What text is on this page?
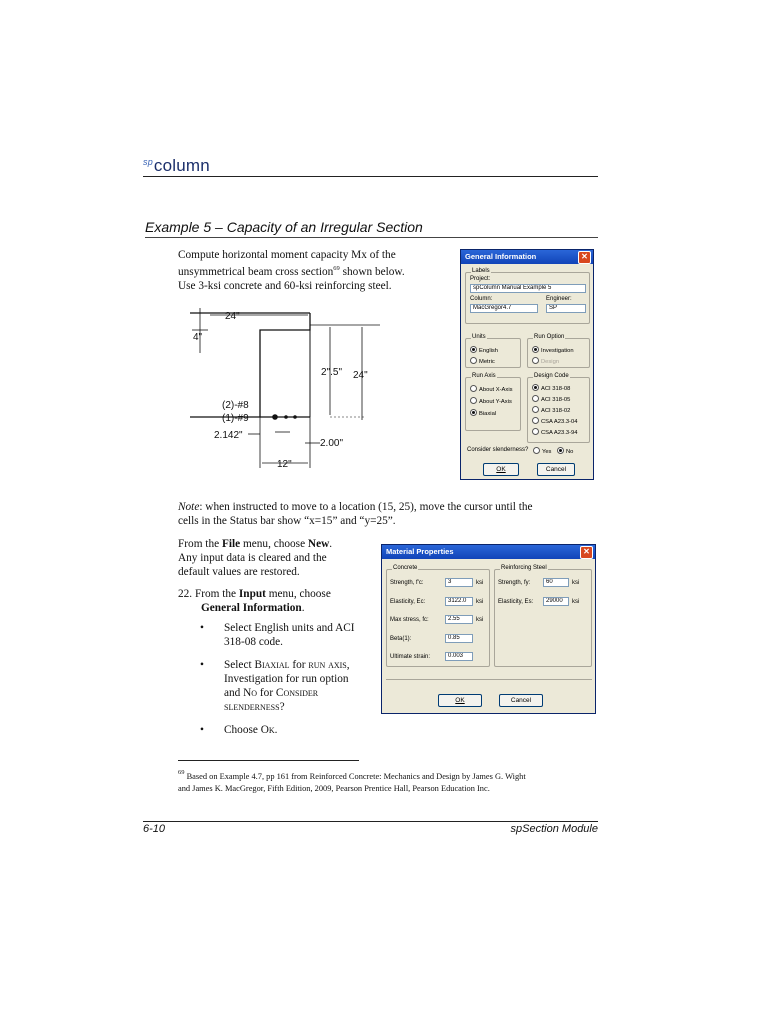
$^{sp}$column
Example 5 – Capacity of an Irregular Section
Compute horizontal moment capacity Mx of the
unsymmetrical beam cross section$^{69}$ shown below.
Use 3-ksi concrete and 60-ksi reinforcing steel.
24"
4"
2".5" 24"
(2)-#8
(1)-#9
2.142"
2.00"
12"
General Information	✕
Labels
Project:
spColumn Manual Example 5
Column:	Engineer:
MacGregor4.7	SP
Units
English
Metric
Run Option
Investigation
Design
Run Axis
About X-Axis
About Y-Axis
Biaxial
Design Code
ACI 318-08
ACI 318-05
ACI 318-02
CSA A23.3-04
CSA A23.3-94
Consider slenderness?	Yes	No
OK	Cancel
Note: when instructed to move to a location (15, 25), move the cursor until the
cells in the Status bar show “x=15” and “y=25”.
From the File menu, choose New.
Any input data is cleared and the
default values are restored.
22. From the Input menu, choose
General Information.
• Select English units and ACI
318-08 code.
• Select Biaxial for run axis,
Investigation for run option
and No for Consider
slenderness?
• Choose Ok.
Material Properties	✕
Concrete
Strength, f'c:	3	ksi
Elasticity, Ec:	3122.0	ksi
Max stress, fc:	2.55	ksi
Beta(1):	0.85
Ultimate strain:	0.003
Reinforcing Steel
Strength, fy:	60	ksi
Elasticity, Es:	29000	ksi
OK	Cancel
$^{69}$ Based on Example 4.7, pp 161 from Reinforced Concrete: Mechanics and Design by James G. Wight
and James K. MacGregor, Fifth Edition, 2009, Pearson Prentice Hall, Pearson Education Inc.
6-10	spSection Module
